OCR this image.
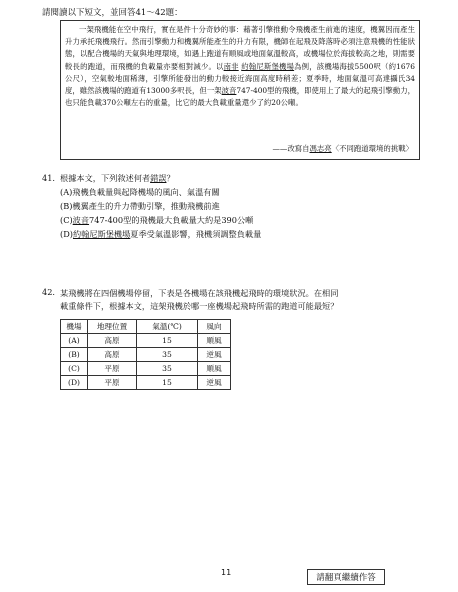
請閱讀以下短文，並回答41～42題：
一架飛機能在空中飛行，實在是件十分奇妙的事：藉著引擎推動令飛機產生前進的速度，機翼因而產生升力承托飛機飛行。然而引擎動力和機翼所能產生的升力有限，機師在起飛及降落時必須注意飛機的性能狀態，以配合機場的天氣與地理環境，如遇上跑道有順風或地面氣溫較高，或機場位於海拔較高之地，則需要較長的跑道，而飛機的負載量亦要相對減少。以南非 約翰尼斯堡機場為例，該機場海拔5500呎（約1676公尺），空氣較地面稀薄，引擎所能發出的動力較接近海面高度時稍差；夏季時，地面氣溫可高達攝氏34度，雖然該機場的跑道有13000多呎長，但一架波音747-400型的飛機，即使用上了最大的起飛引擎動力，也只能負載370公噸左右的重量，比它的最大負載重量還少了約20公噸。
——改寫自馮志亮〈不同跑道環境的挑戰〉
41. 根據本文，下列敘述何者錯誤？
(A)飛機負載量與起降機場的風向、氣溫有關
(B)機翼產生的升力帶動引擎，推動飛機前進
(C)波音747-400型的飛機最大負載量大約是390公噸
(D)約翰尼斯堡機場夏季受氣溫影響，飛機須調整負載量
42. 某飛機將在四個機場停留，下表是各機場在該飛機起飛時的環境狀況。在相同
載重條件下，根據本文，這架飛機於哪一座機場起飛時所需的跑道可能最短？
機場	地理位置	氣溫(℃)	風向
(A)	高原	15	順風
(B)	高原	35	逆風
(C)	平原	35	順風
(D)	平原	15	逆風
11
請翻頁繼續作答
